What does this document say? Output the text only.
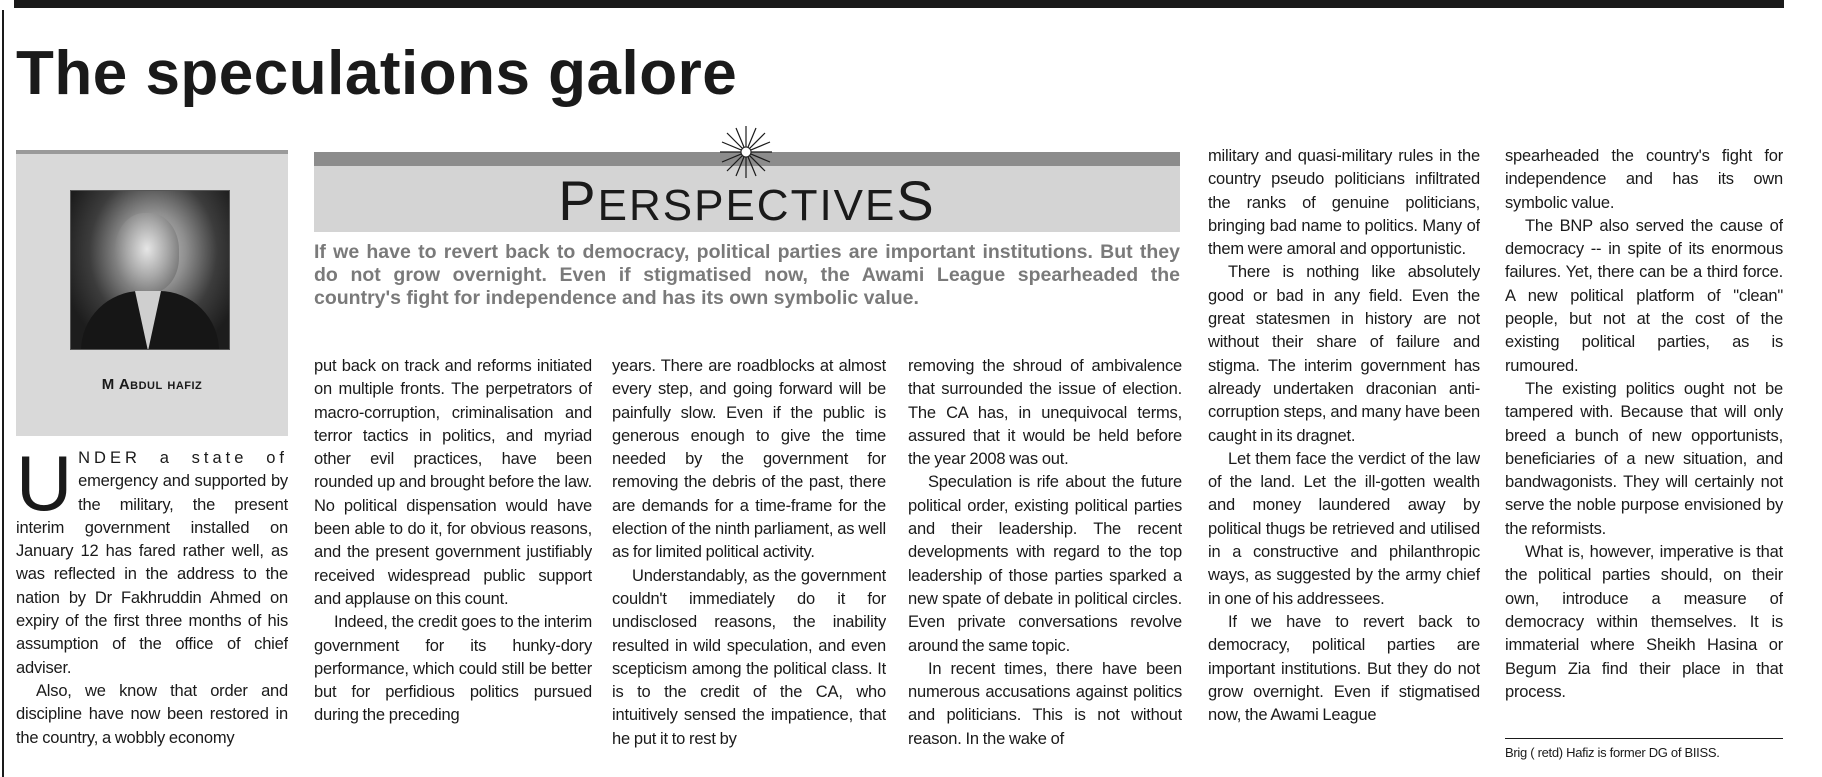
The speculations galore
M Abdul hafiz
PERSPECTIVES

If we have to revert back to democracy, political parties are important institutions. But they do not grow overnight. Even if stigmatised now, the Awami League spearheaded the country's fight for independence and has its own symbolic value.

UNDER a state of emergency and supported by the military, the present interim government installed on January 12 has fared rather well, as was reflected in the address to the nation by Dr Fakhruddin Ahmed on expiry of the first three months of his assumption of the office of chief adviser.

Also, we know that order and discipline have now been restored in the country, a wobbly economy

put back on track and reforms initiated on multiple fronts. The perpetrators of macro-corruption, criminalisation and terror tactics in politics, and myriad other evil practices, have been rounded up and brought before the law. No political dispensation would have been able to do it, for obvious reasons, and the present government justifiably received widespread public support and applause on this count.

Indeed, the credit goes to the interim government for its hunky-dory performance, which could still be better but for perfidious politics pursued during the preceding

years. There are roadblocks at almost every step, and going forward will be painfully slow. Even if the public is generous enough to give the time needed by the government for removing the debris of the past, there are demands for a time-frame for the election of the ninth parliament, as well as for limited political activity.

Understandably, as the government couldn't immediately do it for undisclosed reasons, the inability resulted in wild speculation, and even scepticism among the political class. It is to the credit of the CA, who intuitively sensed the impatience, that he put it to rest by

removing the shroud of ambivalence that surrounded the issue of election. The CA has, in unequivocal terms, assured that it would be held before the year 2008 was out.

Speculation is rife about the future political order, existing political parties and their leadership. The recent developments with regard to the top leadership of those parties sparked a new spate of debate in political circles. Even private conversations revolve around the same topic.

In recent times, there have been numerous accusations against politics and politicians. This is not without reason. In the wake of

military and quasi-military rules in the country pseudo politicians infiltrated the ranks of genuine politicians, bringing bad name to politics. Many of them were amoral and opportunistic.

There is nothing like absolutely good or bad in any field. Even the great statesmen in history are not without their share of failure and stigma. The interim government has already undertaken draconian anti-corruption steps, and many have been caught in its dragnet.

Let them face the verdict of the law of the land. Let the ill-gotten wealth and money laundered away by political thugs be retrieved and utilised in a constructive and philanthropic ways, as suggested by the army chief in one of his addressees.

If we have to revert back to democracy, political parties are important institutions. But they do not grow overnight. Even if stigmatised now, the Awami League

spearheaded the country's fight for independence and has its own symbolic value.

The BNP also served the cause of democracy -- in spite of its enormous failures. Yet, there can be a third force. A new political platform of "clean" people, but not at the cost of the existing political parties, as is rumoured.

The existing politics ought not be tampered with. Because that will only breed a bunch of new opportunists, beneficiaries of a new situation, and bandwagonists. They will certainly not serve the noble purpose envisioned by the reformists.

What is, however, imperative is that the political parties should, on their own, introduce a measure of democracy within themselves. It is immaterial where Sheikh Hasina or Begum Zia find their place in that process.

Brig ( retd) Hafiz is former DG of BIISS.
